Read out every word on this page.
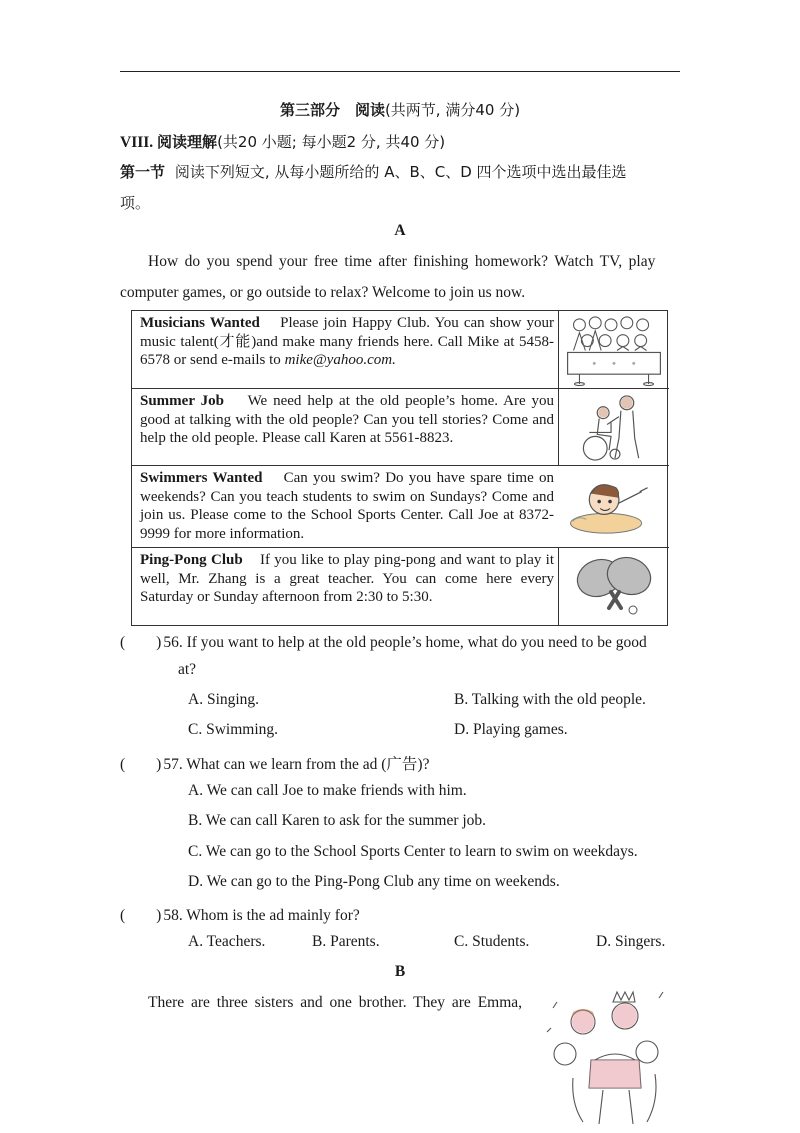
第三部分　阅读(共两节, 满分40 分)
VIII. 阅读理解(共20 小题; 每小题2 分, 共40 分)
第一节 阅读下列短文, 从每小题所给的 A、B、C、D 四个选项中选出最佳选
项。
A
How do you spend your free time after finishing homework? Watch TV, play
computer games, or go outside to relax? Welcome to join us now.
Musicians Wanted Please join Happy Club. You can show your music talent(才能)and make many friends here. Call Mike at 5458-6578 or send e-mails to mike@yahoo.com.
Summer Job We need help at the old people’s home. Are you good at talking with the old people? Can you tell stories? Come and help the old people. Please call Karen at 5561-8823.
Swimmers Wanted Can you swim? Do you have spare time on weekends? Can you teach students to swim on Sundays? Come and join us. Please come to the School Sports Center. Call Joe at 8372-9999 for more information.
Ping-Pong Club If you like to play ping-pong and want to play it well, Mr. Zhang is a great teacher. You can come here every Saturday or Sunday afternoon from 2:30 to 5:30.
(　　) 56. If you want to help at the old people’s home, what do you need to be good
at?
A. Singing.	B. Talking with the old people.
C. Swimming.	D. Playing games.
(　　) 57. What can we learn from the ad (广告)?
A. We can call Joe to make friends with him.
B. We can call Karen to ask for the summer job.
C. We can go to the School Sports Center to learn to swim on weekdays.
D. We can go to the Ping-Pong Club any time on weekends.
(　　) 58. Whom is the ad mainly for?
A. Teachers.	B. Parents.	C. Students.	D. Singers.
B
There are three sisters and one brother. They are Emma,
